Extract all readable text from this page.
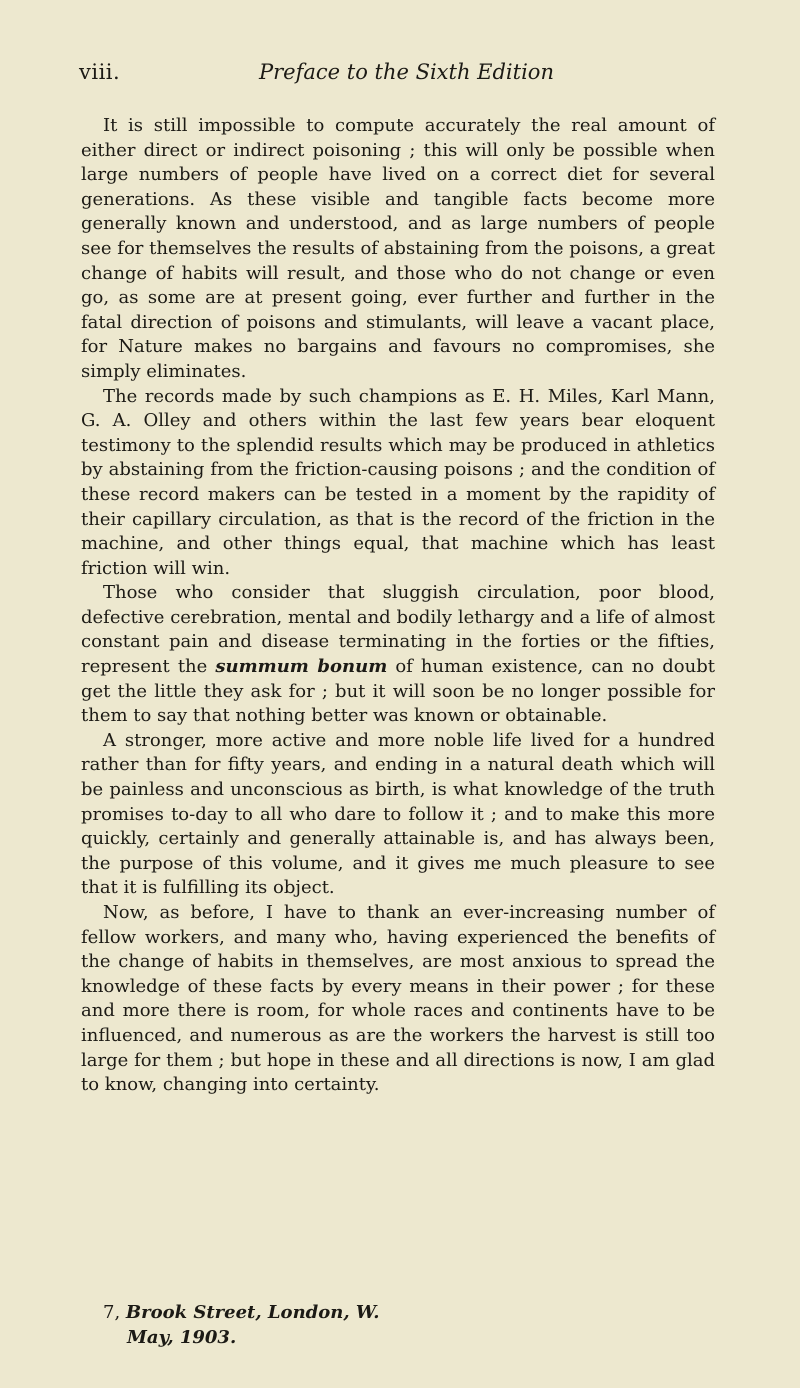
viii.	Preface to the Sixth Edition

It is still impossible to compute accurately the real amount of either direct or indirect poisoning ; this will only be possible when large numbers of people have lived on a correct diet for several generations. As these visible and tangible facts become more generally known and understood, and as large numbers of people see for themselves the results of abstaining from the poisons, a great change of habits will result, and those who do not change or even go, as some are at present going, ever further and further in the fatal direction of poisons and stimulants, will leave a vacant place, for Nature makes no bargains and favours no compromises, she simply eliminates.

The records made by such champions as E. H. Miles, Karl Mann, G. A. Olley and others within the last few years bear eloquent testimony to the splendid results which may be produced in athletics by abstaining from the friction-causing poisons ; and the condition of these record makers can be tested in a moment by the rapidity of their capillary circulation, as that is the record of the friction in the machine, and other things equal, that machine which has least friction will win.

Those who consider that sluggish circulation, poor blood, defective cerebration, mental and bodily lethargy and a life of almost constant pain and disease terminating in the forties or the fifties, represent the summum bonum of human existence, can no doubt get the little they ask for ; but it will soon be no longer possible for them to say that nothing better was known or obtainable.

A stronger, more active and more noble life lived for a hundred rather than for fifty years, and ending in a natural death which will be painless and unconscious as birth, is what knowledge of the truth promises to-day to all who dare to follow it ; and to make this more quickly, certainly and generally attainable is, and has always been, the purpose of this volume, and it gives me much pleasure to see that it is fulfilling its object.

Now, as before, I have to thank an ever-increasing number of fellow workers, and many who, having experienced the benefits of the change of habits in themselves, are most anxious to spread the knowledge of these facts by every means in their power ; for these and more there is room, for whole races and continents have to be influenced, and numerous as are the workers the harvest is still too large for them ; but hope in these and all directions is now, I am glad to know, changing into certainty.

7, Brook Street, London, W.
May, 1903.
